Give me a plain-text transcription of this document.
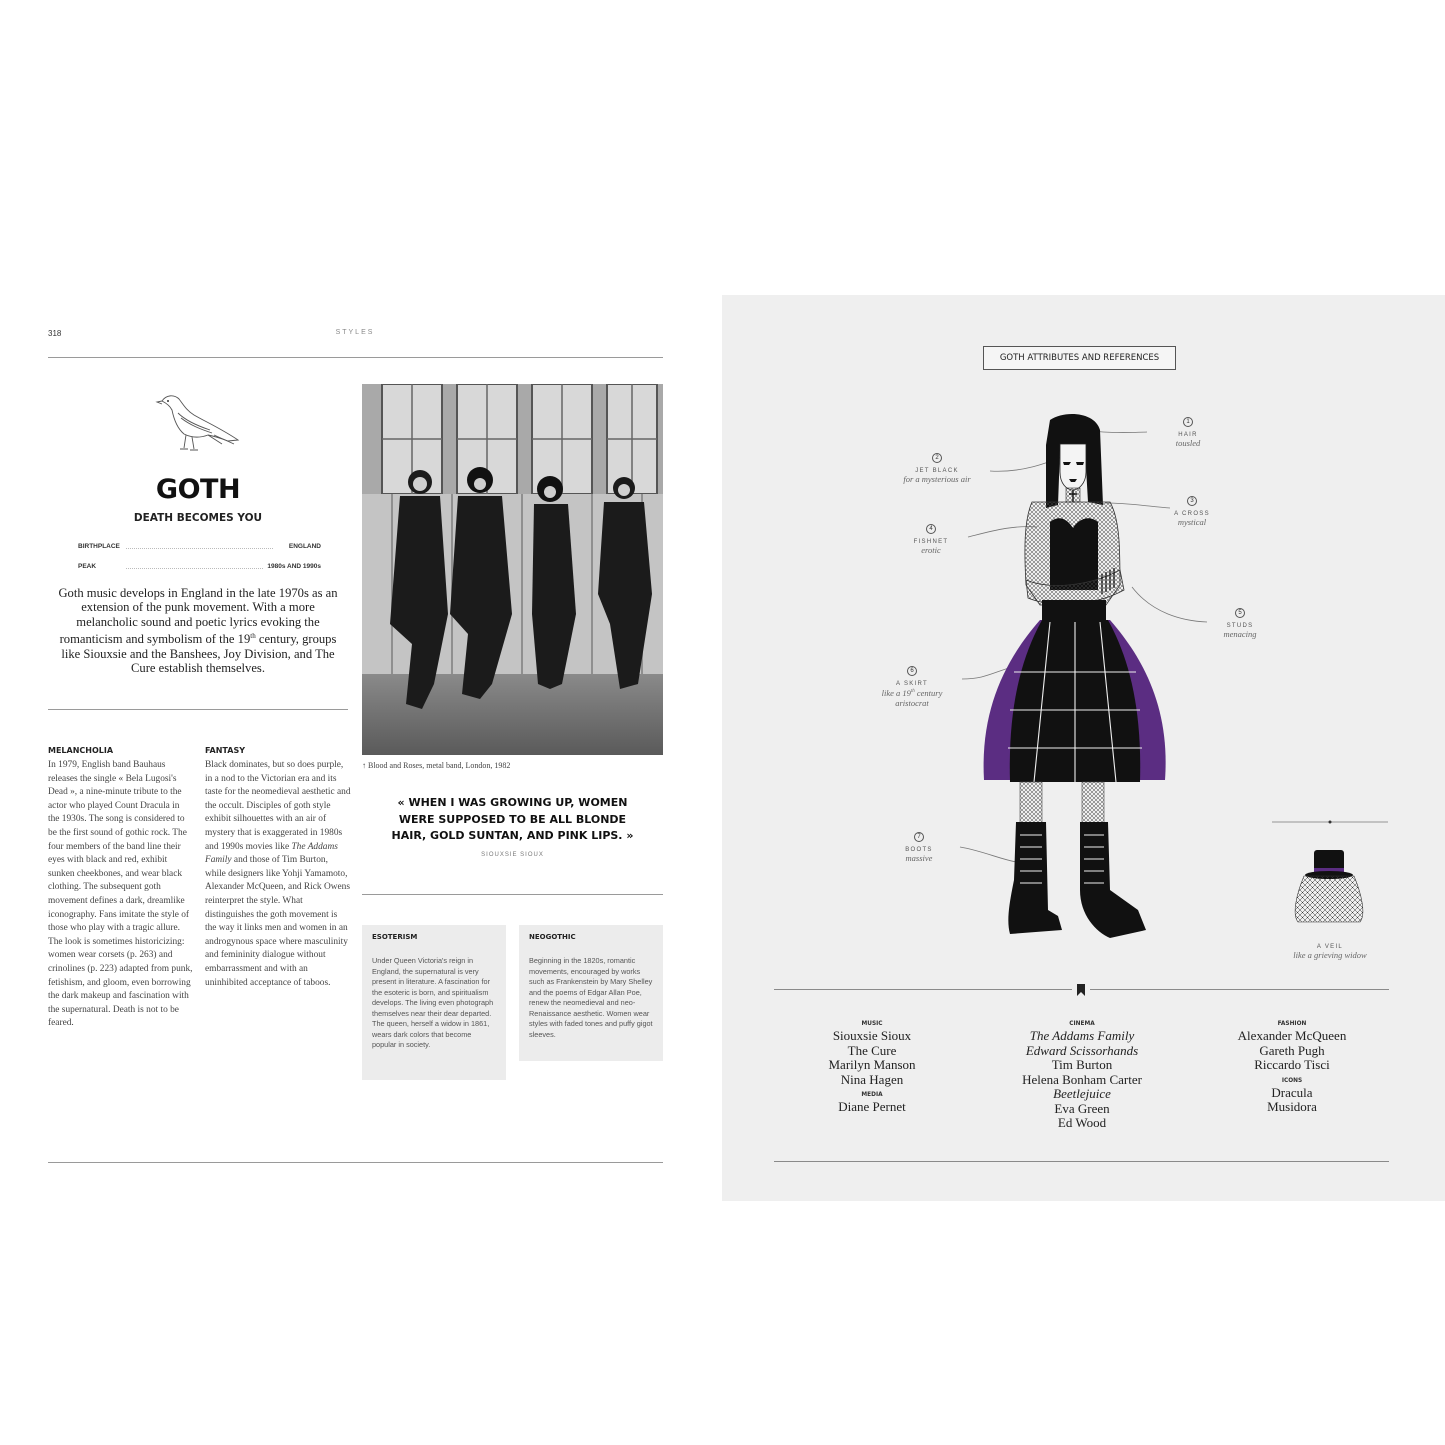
318	STYLES
GOTH
DEATH BECOMES YOU
BIRTHPLACE	ENGLAND
PEAK	1980s AND 1990s

Goth music develops in England in the late 1970s as an extension of the punk movement. With a more melancholic sound and poetic lyrics evoking the romanticism and symbolism of the 19th century, groups like Siouxsie and the Banshees, Joy Division, and The Cure establish themselves.

MELANCHOLIA

In 1979, English band Bauhaus releases the single « Bela Lugosi's Dead », a nine-minute tribute to the actor who played Count Dracula in the 1930s. The song is considered to be the first sound of gothic rock. The four members of the band line their eyes with black and red, exhibit sunken cheekbones, and wear black clothing. The subsequent goth movement defines a dark, dreamlike iconography. Fans imitate the style of those who play with a tragic allure. The look is sometimes historicizing: women wear corsets (p. 263) and crinolines (p. 223) adapted from punk, fetishism, and gloom, even borrowing the dark makeup and fascination with the supernatural. Death is not to be feared.

FANTASY

Black dominates, but so does purple, in a nod to the Victorian era and its taste for the neomedieval aesthetic and the occult. Disciples of goth style exhibit silhouettes with an air of mystery that is exaggerated in 1980s and 1990s movies like The Addams Family and those of Tim Burton, while designers like Yohji Yamamoto, Alexander McQueen, and Rick Owens reinterpret the style. What distinguishes the goth movement is the way it links men and women in an androgynous space where masculinity and femininity dialogue without embarrassment and with an uninhibited acceptance of taboos.

↑ Blood and Roses, metal band, London, 1982
« WHEN I WAS GROWING UP, WOMEN WERE SUPPOSED TO BE ALL BLONDE HAIR, GOLD SUNTAN, AND PINK LIPS. »
SIOUXSIE SIOUX
ESOTERISM

Under Queen Victoria's reign in England, the supernatural is very present in literature. A fascination for the esoteric is born, and spiritualism develops. The living even photograph themselves near their dear departed. The queen, herself a widow in 1861, wears dark colors that become popular in society.

NEOGOTHIC

Beginning in the 1820s, romantic movements, encouraged by works such as Frankenstein by Mary Shelley and the poems of Edgar Allan Poe, renew the neomedieval and neo-Renaissance aesthetic. Women wear styles with faded tones and puffy gigot sleeves.

GOTH ATTRIBUTES AND REFERENCES
1
HAIR
tousled
2
JET BLACK
for a mysterious air
3
A CROSS
mystical
4
FISHNET
erotic
5
STUDS
menacing
6
A SKIRT
like a 19th century
aristocrat
7
BOOTS
massive
A VEIL
like a grieving widow
MUSIC
Siouxsie Sioux
The Cure
Marilyn Manson
Nina Hagen
MEDIA
Diane Pernet
CINEMA
The Addams Family
Edward Scissorhands
Tim Burton
Helena Bonham Carter
Beetlejuice
Eva Green
Ed Wood
FASHION
Alexander McQueen
Gareth Pugh
Riccardo Tisci
ICONS
Dracula
Musidora
